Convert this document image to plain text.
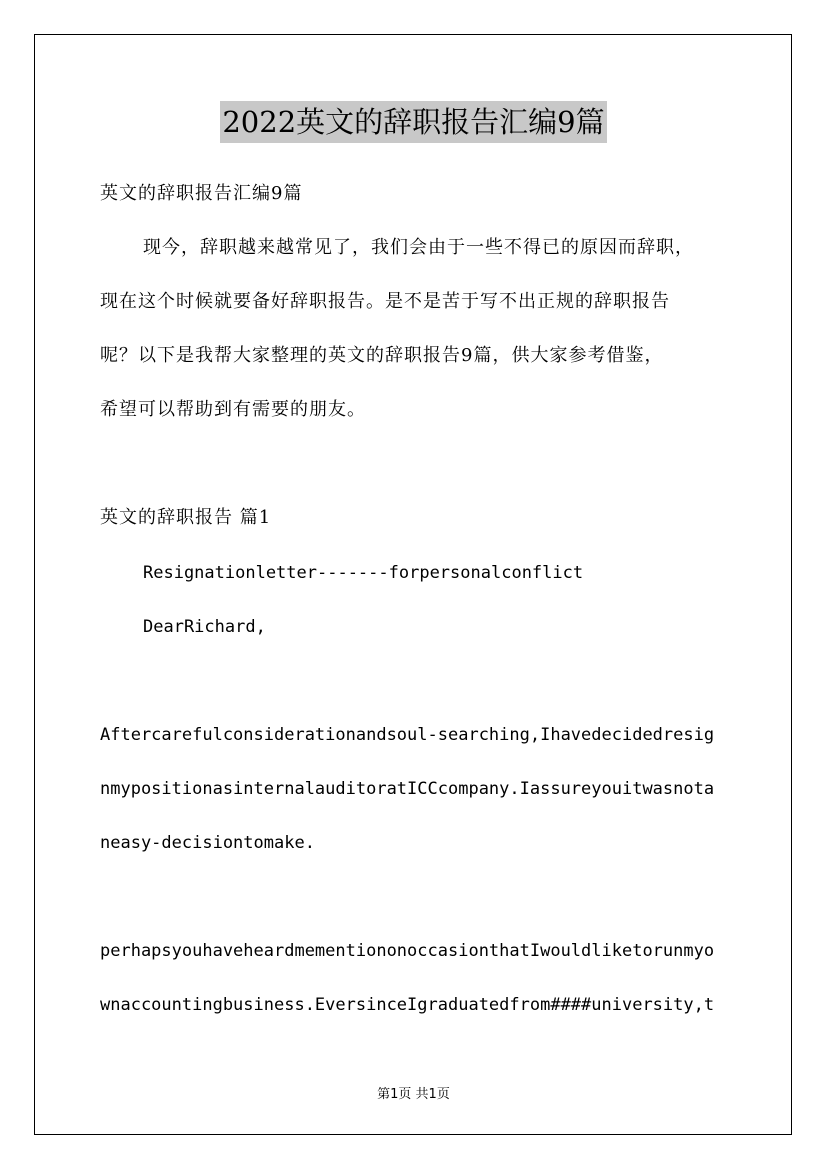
2022英文的辞职报告汇编9篇
英文的辞职报告汇编9篇
现今，辞职越来越常见了，我们会由于一些不得已的原因而辞职，
现在这个时候就要备好辞职报告。是不是苦于写不出正规的辞职报告
呢？以下是我帮大家整理的英文的辞职报告9篇，供大家参考借鉴，
希望可以帮助到有需要的朋友。
英文的辞职报告 篇1
Resignationletter-------forpersonalconflict
DearRichard,
Aftercarefulconsiderationandsoul-searching,Ihavedecidedresig
nmypositionasinternalauditoratICCcompany.Iassureyouitwasnota
neasy-decisiontomake.
perhapsyouhaveheardmementiononoccasionthatIwouldliketorunmyo
wnaccountingbusiness.EversinceIgraduatedfrom####university,t
第1页 共1页
